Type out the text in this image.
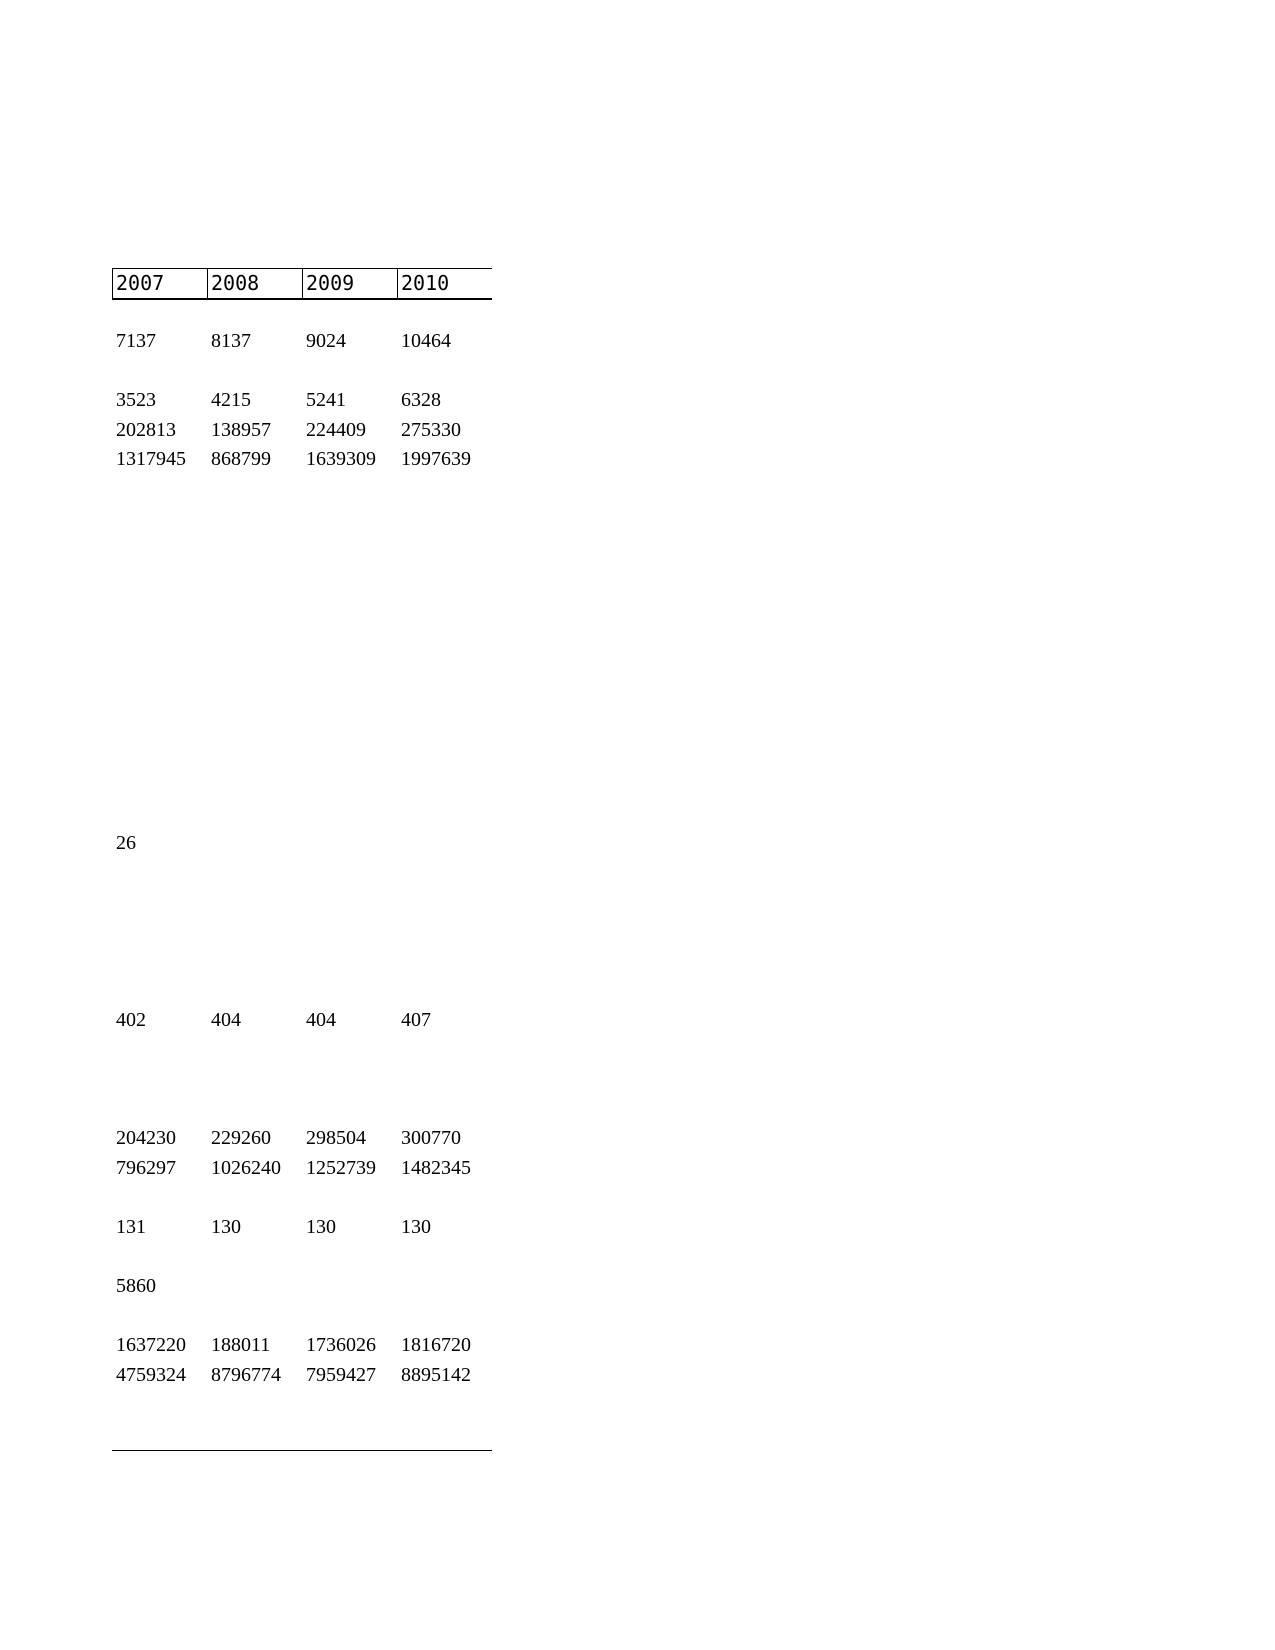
2007	2008	2009	2010
7137	8137	9024	10464
3523	4215	5241	6328
202813	138957	224409	275330
1317945	868799	1639309	1997639
26
402	404	404	407
204230	229260	298504	300770
796297	1026240	1252739	1482345
131	130	130	130
5860
1637220	188011	1736026	1816720
4759324	8796774	7959427	8895142
